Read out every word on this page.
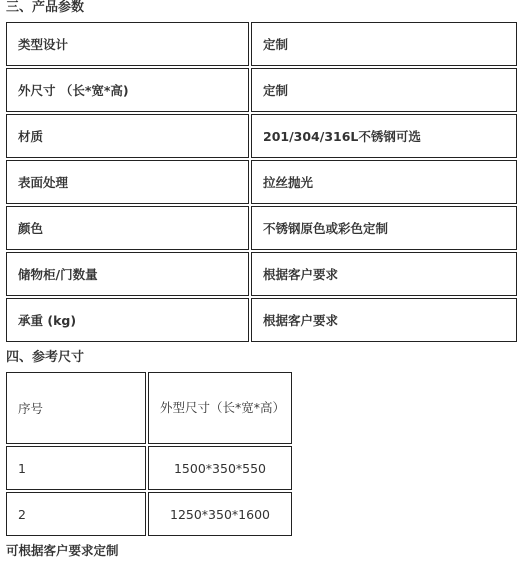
三、产品参数
类型设计	定制
外尺寸 （长*宽*高)	定制
材质	201/304/316L不锈钢可选
表面处理	拉丝抛光
颜色	不锈钢原色或彩色定制
储物柜/门数量	根据客户要求
承重 (kg)	根据客户要求
四、参考尺寸
序号	外型尺寸（长*宽*高）
1	1500*350*550
2	1250*350*1600
可根据客户要求定制
